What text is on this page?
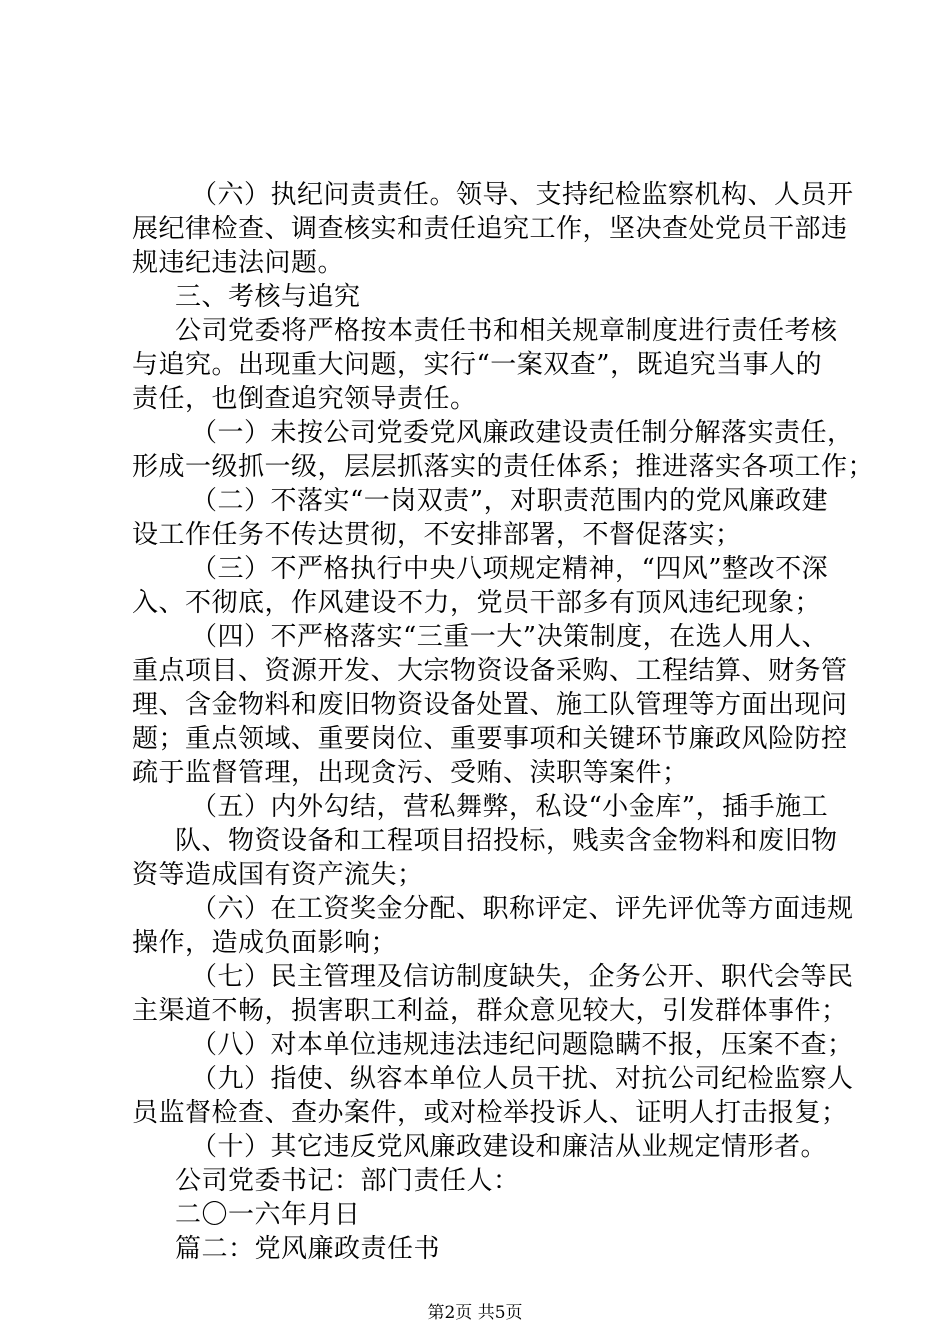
（六）执纪问责责任。领导、支持纪检监察机构、人员开
展纪律检查、调查核实和责任追究工作，坚决查处党员干部违
规违纪违法问题。
三、考核与追究
公司党委将严格按本责任书和相关规章制度进行责任考核
与追究。出现重大问题，实行“一案双查”，既追究当事人的
责任，也倒查追究领导责任。
（一）未按公司党委党风廉政建设责任制分解落实责任，
形成一级抓一级，层层抓落实的责任体系；推进落实各项工作；
（二）不落实“一岗双责”，对职责范围内的党风廉政建
设工作任务不传达贯彻，不安排部署，不督促落实；
（三）不严格执行中央八项规定精神，“四风”整改不深
入、不彻底，作风建设不力，党员干部多有顶风违纪现象；
（四）不严格落实“三重一大”决策制度，在选人用人、
重点项目、资源开发、大宗物资设备采购、工程结算、财务管
理、含金物料和废旧物资设备处置、施工队管理等方面出现问
题；重点领域、重要岗位、重要事项和关键环节廉政风险防控
疏于监督管理，出现贪污、受贿、渎职等案件；
（五）内外勾结，营私舞弊，私设“小金库”，插手施工
队、物资设备和工程项目招投标，贱卖含金物料和废旧物
资等造成国有资产流失；
（六）在工资奖金分配、职称评定、评先评优等方面违规
操作，造成负面影响；
（七）民主管理及信访制度缺失，企务公开、职代会等民
主渠道不畅，损害职工利益，群众意见较大，引发群体事件；
（八）对本单位违规违法违纪问题隐瞒不报，压案不查；
（九）指使、纵容本单位人员干扰、对抗公司纪检监察人
员监督检查、查办案件，或对检举投诉人、证明人打击报复；
（十）其它违反党风廉政建设和廉洁从业规定情形者。
公司党委书记：部门责任人：
二〇一六年月日
篇二：党风廉政责任书
第2页 共5页
